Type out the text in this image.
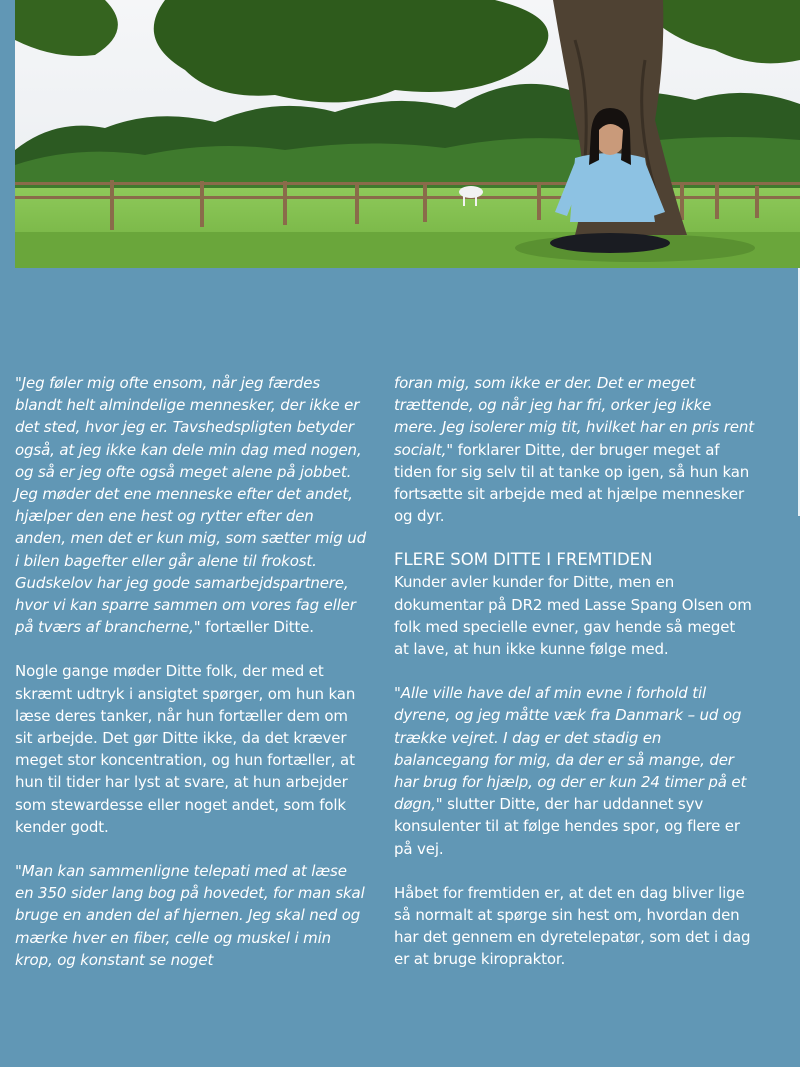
"Jeg føler mig ofte ensom, når jeg færdes blandt helt almindelige mennesker, der ikke er det sted, hvor jeg er. Tavshedspligten betyder også, at jeg ikke kan dele min dag med nogen, og så er jeg ofte også meget alene på jobbet. Jeg møder det ene menneske efter det andet, hjælper den ene hest og rytter efter den anden, men det er kun mig, som sætter mig ud i bilen bagefter eller går alene til frokost. Gudskelov har jeg gode samarbejdspartnere, hvor vi kan sparre sammen om vores fag eller på tværs af brancherne," fortæller Ditte.

Nogle gange møder Ditte folk, der med et skræmt udtryk i ansigtet spørger, om hun kan læse deres tanker, når hun fortæller dem om sit arbejde. Det gør Ditte ikke, da det kræver meget stor koncentration, og hun fortæller, at hun til tider har lyst at svare, at hun arbejder som stewardesse eller noget andet, som folk kender godt.

"Man kan sammenligne telepati med at læse en 350 sider lang bog på hovedet, for man skal bruge en anden del af hjernen. Jeg skal ned og mærke hver en fiber, celle og muskel i min krop, og konstant se noget

foran mig, som ikke er der. Det er meget trættende, og når jeg har fri, orker jeg ikke mere. Jeg isolerer mig tit, hvilket har en pris rent socialt," forklarer Ditte, der bruger meget af tiden for sig selv til at tanke op igen, så hun kan fortsætte sit arbejde med at hjælpe mennesker og dyr.

FLERE SOM DITTE I FREMTIDEN

Kunder avler kunder for Ditte, men en dokumentar på DR2 med Lasse Spang Olsen om folk med specielle evner, gav hende så meget at lave, at hun ikke kunne følge med.

"Alle ville have del af min evne i forhold til dyrene, og jeg måtte væk fra Danmark – ud og trække vejret. I dag er det stadig en balancegang for mig, da der er så mange, der har brug for hjælp, og der er kun 24 timer på et døgn," slutter Ditte, der har uddannet syv konsulenter til at følge hendes spor, og flere er på vej.

Håbet for fremtiden er, at det en dag bliver lige så normalt at spørge sin hest om, hvordan den har det gennem en dyretelepatør, som det i dag er at bruge kiropraktor.
